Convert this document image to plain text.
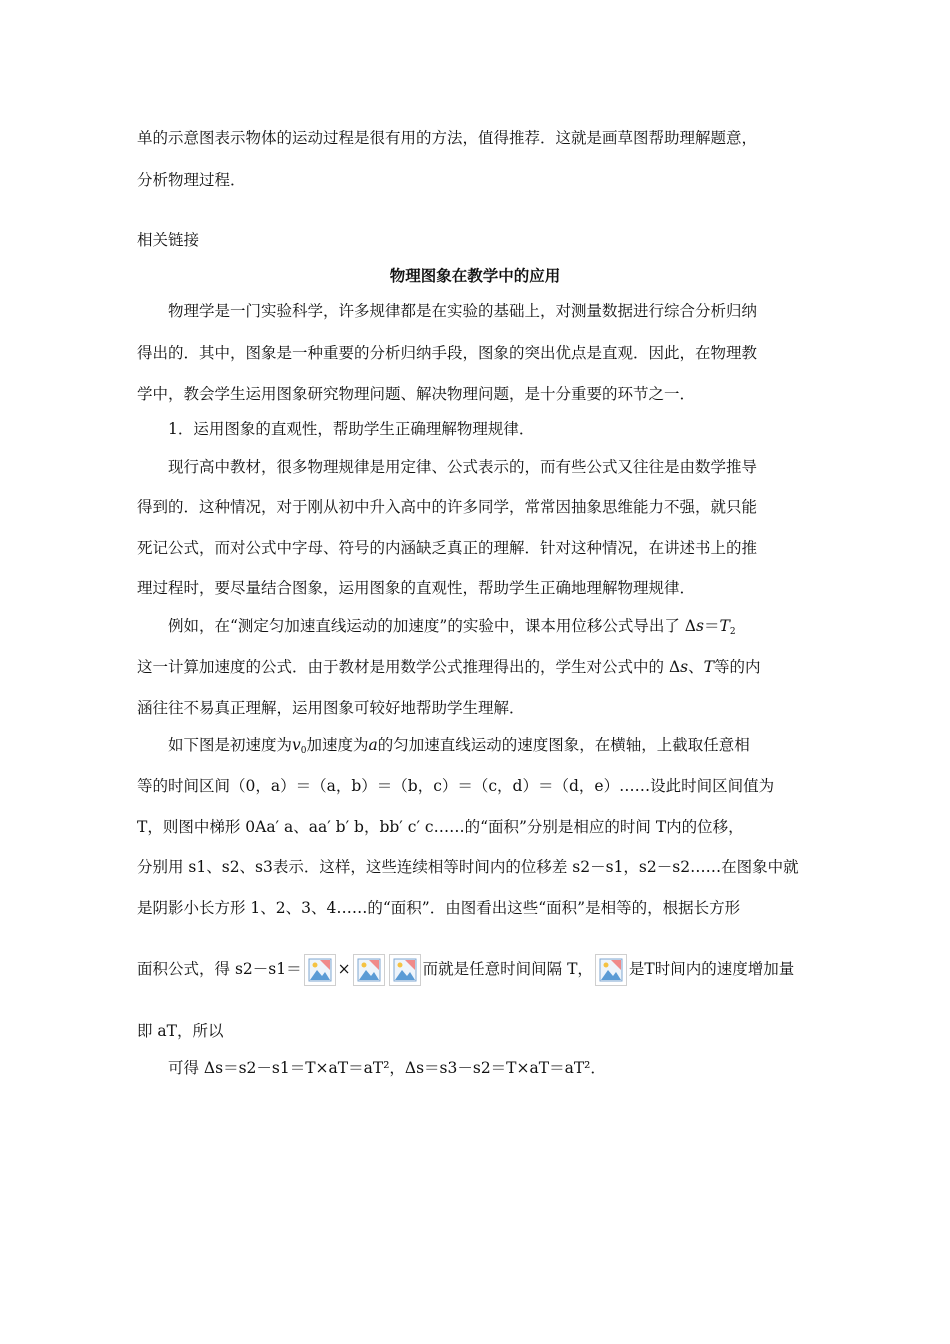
单的示意图表示物体的运动过程是很有用的方法，值得推荐．这就是画草图帮助理解题意，
分析物理过程．
相关链接
物理图象在教学中的应用
物理学是一门实验科学，许多规律都是在实验的基础上，对测量数据进行综合分析归纳
得出的．其中，图象是一种重要的分析归纳手段，图象的突出优点是直观．因此，在物理教
学中，教会学生运用图象研究物理问题、解决物理问题，是十分重要的环节之一．
1．运用图象的直观性，帮助学生正确理解物理规律．
现行高中教材，很多物理规律是用定律、公式表示的，而有些公式又往往是由数学推导
得到的．这种情况，对于刚从初中升入高中的许多同学，常常因抽象思维能力不强，就只能
死记公式，而对公式中字母、符号的内涵缺乏真正的理解．针对这种情况，在讲述书上的推
理过程时，要尽量结合图象，运用图象的直观性，帮助学生正确地理解物理规律．
例如，在“测定匀加速直线运动的加速度”的实验中，课本用位移公式导出了 $\Delta s=T_2$
这一计算加速度的公式．由于教材是用数学公式推理得出的，学生对公式中的 Δs、T等的内
涵往往不易真正理解，运用图象可较好地帮助学生理解．
如下图是初速度为$v_0$加速度为a的匀加速直线运动的速度图象，在横轴，上截取任意相
等的时间区间（0，a）＝（a，b）＝（b，c）＝（c，d）＝（d，e）……设此时间区间值为
T，则图中梯形 0Aa′ a、aa′ b′ b，bb′ c′ c……的“面积”分别是相应的时间 T内的位移，
分别用 s1、s2、s3表示．这样，这些连续相等时间内的位移差 s2－s1，s2－s2……在图象中就
是阴影小长方形 1、2、3、4……的“面积”．由图看出这些“面积”是相等的，根据长方形
面积公式，得 s2－s1＝ ×	而就是任意时间间隔 T， 是T时间内的速度增加量
即 aT，所以
可得 Δs＝s2－s1＝T×aT＝aT²，Δs＝s3－s2＝T×aT＝aT²．
